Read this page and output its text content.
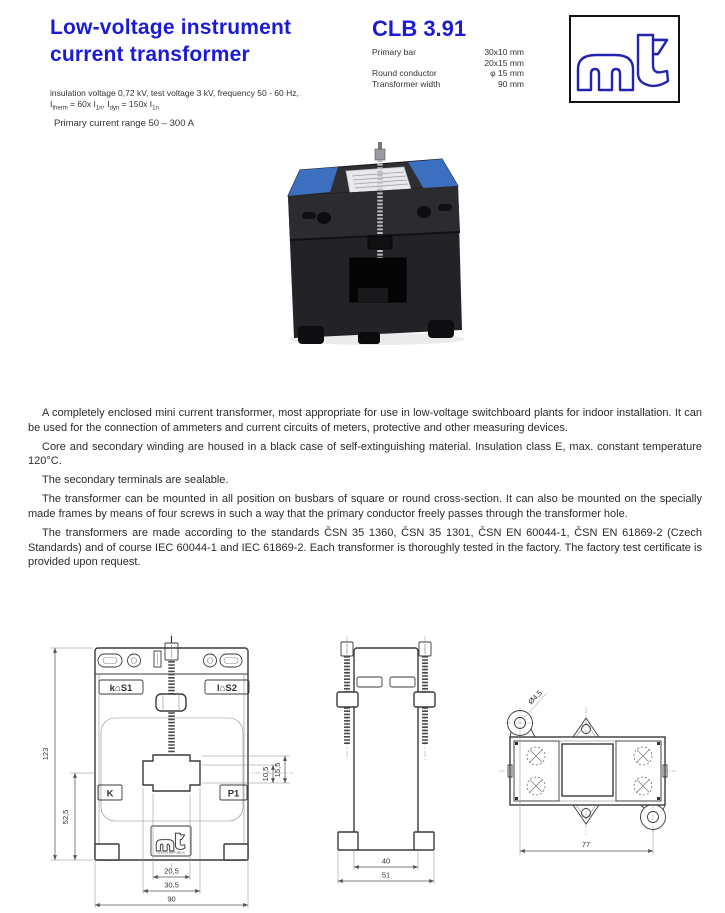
Low-voltage instrument
current transformer
CLB 3.91
Primary bar	30x10 mm
20x15 mm
Round conductor	φ 15 mm
Transformer width	90 mm
insulation voltage 0,72 kV, test voltage 3 kV, frequency 50 - 60 Hz,
$I_{therm} = 60x$ $I_{1n}$, $I_{dyn} = 150x$ $I_{1n}$
Primary current range 50 – 300 A

A completely enclosed mini current transformer, most appropriate for use in low-voltage switchboard plants for indoor installation. It can be used for the connection of ammeters and current circuits of meters, protective and other measuring devices.

Core and secondary winding are housed in a black case of self-extinguishing material. Insulation class E, max. constant temperature 120°C.

The secondary terminals are sealable.

The transformer can be mounted in all position on busbars of square or round cross-section. It can also be mounted on the specially made frames by means of four screws in such a way that the primary conductor freely passes through the transformer hole.

The transformers are made according to the standards ČSN 35 1360, ČSN 35 1301, ČSN EN 60044-1, ČSN EN 61869-2 (Czech Standards) and of course IEC 60044-1 and IEC 61869-2. Each transformer is thoroughly tested in the factory. The factory test certificate is provided upon request.

k⌂S1	l⌂S2
K	P1
CZECH REPUBLIC
123
52,5
10,5 15,5
20,5
30,5
90
40
51
Ø4,5
77
